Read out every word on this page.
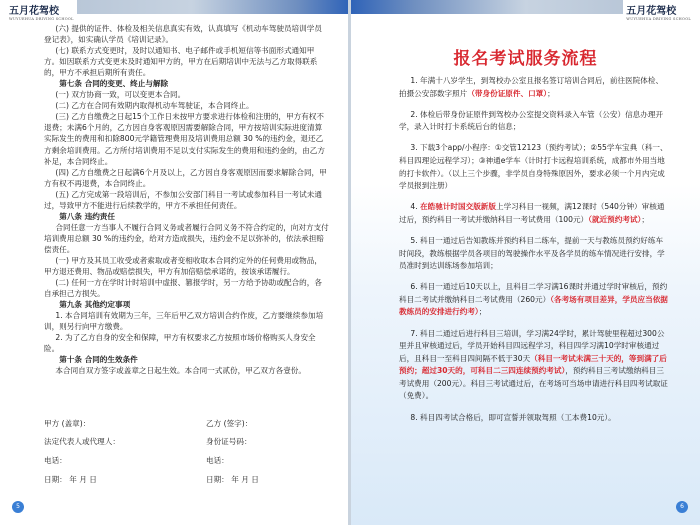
五月花驾校
WUYUEHUA DRIVING SCHOOL

(六) 提供的证件、体检及相关信息真实有效，认真填写《机动车驾驶员培训学员登记表》，如实确认学员《培训记录》。

(七) 联系方式变更时，及时以通知书、电子邮件或手机短信等书面形式通知甲方。如因联系方式变更未及时通知甲方的，甲方在后期培训中无法与乙方取得联系的，甲方不承担后期所有责任。

第七条 合同的变更、终止与解除

(一) 双方协商一致，可以变更本合同。

(二) 乙方在合同有效期内取得机动车驾驶证，本合同终止。

(三) 乙方自缴费之日起15个工作日未按甲方要求进行体检和注册的，甲方有权不退费；未满6个月的，乙方因自身客观原因需要解除合同，甲方按培训实际进度清算实际发生的费用和扣除800元学籍管理费用及培训费用总额 30 %的违约金，退还乙方剩余培训费用。乙方所付培训费用不足以支付实际发生的费用和违约金的，由乙方补足，本合同终止。

(四) 乙方自缴费之日起满6个月及以上，乙方因自身客观原因而要求解除合同，甲方有权不再退费，本合同终止。

(五) 乙方完成第一段培训后，不参加公安部门科目一考试或参加科目一考试未通过，导致甲方不能进行后续教学的，甲方不承担任何责任。

第八条 违约责任

合同任意一方当事人不履行合同义务或者履行合同义务不符合约定的，向对方支付培训费用总额 30 %的违约金，给对方造成损失，违约金不足以弥补的，依法承担赔偿责任。

(一) 甲方及其员工收受或者索取或者变相收取本合同约定外的任何费用或物品，甲方退还费用、物品或赔偿损失，甲方有加倍赔偿承诺的，按该承诺履行。

(二) 任何一方在学时计时培训中虚报、篡报学时，另一方给予协助或配合的，各自承担己方损失。

第九条 其他约定事项

1. 本合同培训有效期为三年，三年后甲乙双方培训合约作废，乙方要继续参加培训，则另行向甲方缴费。

2. 为了乙方自身的安全和保障，甲方有权要求乙方按照市场价格购买人身安全险。

第十条 合同的生效条件

本合同自双方签字或盖章之日起生效。本合同一式贰份，甲乙双方各壹份。

甲方 (盖章)：	乙方 (签字)：
法定代表人或代理人：	身份证号码：
电话：	电话：
日期： 年 月 日	日期： 年 月 日
5
五月花驾校
WUYUEHUA DRIVING SCHOOL
报名考试服务流程

1. 年满十八岁学生，到驾校办公室且报名签订培训合同后，前往医院体检、拍摄公安部数字照片（带身份证原件、口罩）；

2. 体检后带身份证原件到驾校办公室提交资料录入车管（公安）信息办理开学，录入计时打卡系统后台的信息；

3. 下载3个app/小程序：①交管12123（预约考试）；②55学车宝典（科一、科目四理论远程学习）；③神通e学车（计时打卡远程培训系统，成都市外用当地的打卡软件）。（以上三个步骤，非学员自身特殊原因外，要求必须一个月内完成学员报到注册）

4. 在皓驰计时国交版新版上学习科目一视频，满12课时（540分钟）审核通过后，预约科目一考试并缴纳科目一考试费用（100元）（就近预约考试）；

5. 科目一通过后告知教练并预约科目二练车，提前一天与教练员预约好练车时间段，教练根据学员各项目的驾驶操作水平及各学员的练车情况进行安排，学员准时到达训练场参加培训；

6. 科目一通过后10天以上，且科目二学习满16课时并通过学时审核后，预约科目二考试并缴纳科目二考试费用（260元）（各考场有项目差异，学员应当依据教练员的安排进行约考）；

7. 科目二通过后进行科目三培训，学习满24学时，累计驾驶里程超过300公里并且审核通过后，学员开始科目四远程学习，科目四学习满10学时审核通过后，且科目一至科目四间隔不低于30天（科目一考试未满三十天的，等到满了后预约；超过30天的，可科目二三四连续预约考试），预约科目三考试缴纳科目三考试费用（200元）。科目三考试通过后，在考场可当场申请进行科目四考试取证（免费）。

8. 科目四考试合格后，即可宣誓并领取驾照（工本费10元）。

6
